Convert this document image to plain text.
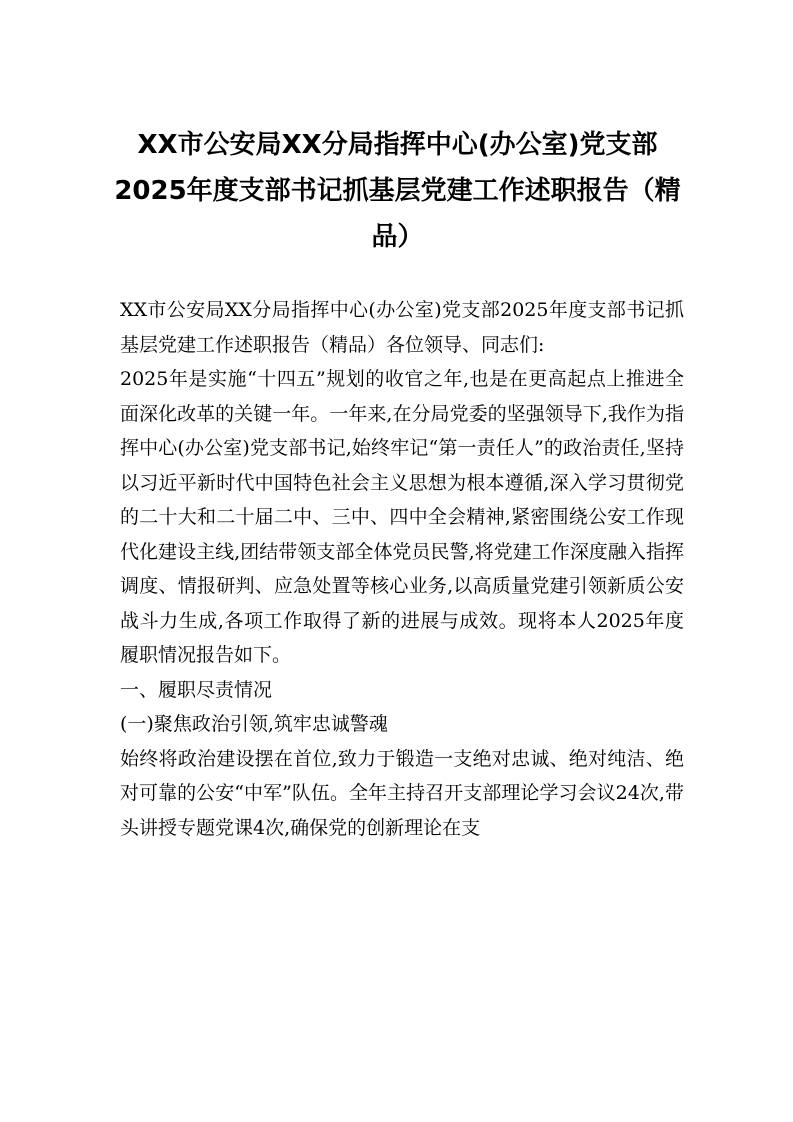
XX市公安局XX分局指挥中心(办公室)党支部2025年度支部书记抓基层党建工作述职报告（精品）

XX市公安局XX分局指挥中心(办公室)党支部2025年度支部书记抓基层党建工作述职报告（精品）各位领导、同志们:

2025年是实施“十四五”规划的收官之年,也是在更高起点上推进全面深化改革的关键一年。一年来,在分局党委的坚强领导下,我作为指挥中心(办公室)党支部书记,始终牢记“第一责任人”的政治责任,坚持以习近平新时代中国特色社会主义思想为根本遵循,深入学习贯彻党的二十大和二十届二中、三中、四中全会精神,紧密围绕公安工作现代化建设主线,团结带领支部全体党员民警,将党建工作深度融入指挥调度、情报研判、应急处置等核心业务,以高质量党建引领新质公安战斗力生成,各项工作取得了新的进展与成效。现将本人2025年度履职情况报告如下。

一、履职尽责情况

(一)聚焦政治引领,筑牢忠诚警魂

始终将政治建设摆在首位,致力于锻造一支绝对忠诚、绝对纯洁、绝对可靠的公安“中军”队伍。全年主持召开支部理论学习会议24次,带头讲授专题党课4次,确保党的创新理论在支
